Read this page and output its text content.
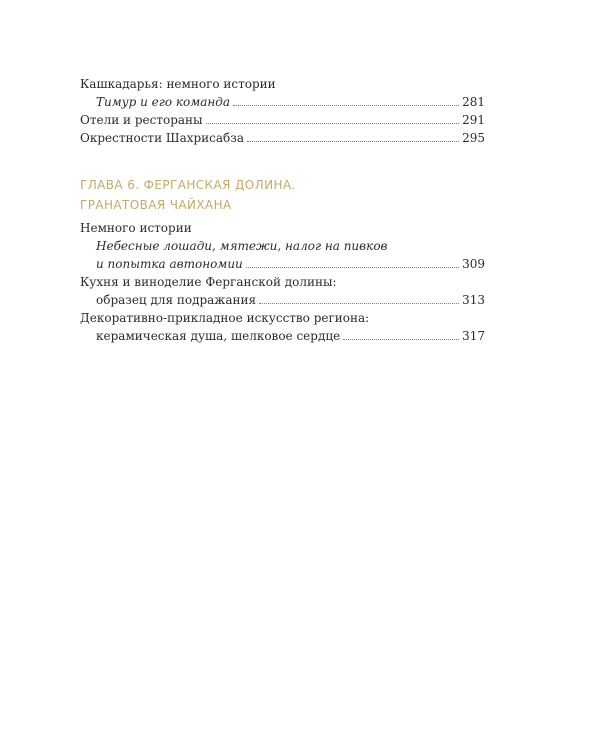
Кашкадарья: немного истории
Тимур и его команда	281
Отели и рестораны	291
Окрестности Шахрисабза	295
ГЛАВА 6. ФЕРГАНСКАЯ ДОЛИНА.
ГРАНАТОВАЯ ЧАЙХАНА
Немного истории
Небесные лошади, мятежи, налог на пивков
и попытка автономии	309
Кухня и виноделие Ферганской долины:
образец для подражания	313
Декоративно-прикладное искусство региона:
керамическая душа, шелковое сердце	317
